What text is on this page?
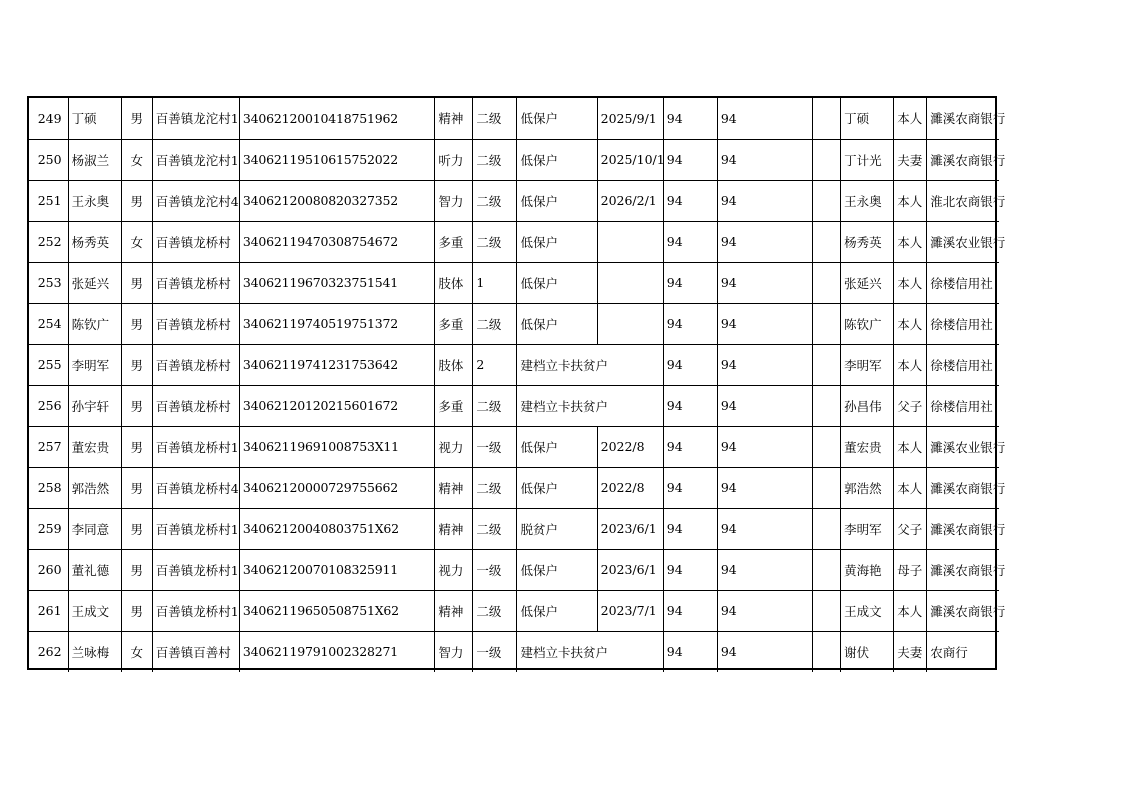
249	丁硕	男	百善镇龙沱村1	34062120010418751962	精神	二级	低保户	2025/9/1	94	94		丁硕	本人	濉溪农商银行
250	杨淑兰	女	百善镇龙沱村1	34062119510615752022	听力	二级	低保户	2025/10/1	94	94		丁计光	夫妻	濉溪农商银行
251	王永奥	男	百善镇龙沱村4	34062120080820327352	智力	二级	低保户	2026/2/1	94	94		王永奥	本人	淮北农商银行
252	杨秀英	女	百善镇龙桥村	34062119470308754672	多重	二级	低保户		94	94		杨秀英	本人	濉溪农业银行
253	张延兴	男	百善镇龙桥村	34062119670323751541	肢体	1	低保户		94	94		张延兴	本人	徐楼信用社
254	陈钦广	男	百善镇龙桥村	34062119740519751372	多重	二级	低保户		94	94		陈钦广	本人	徐楼信用社
255	李明军	男	百善镇龙桥村	34062119741231753642	肢体	2	建档立卡扶贫户		94	94		李明军	本人	徐楼信用社
256	孙宇轩	男	百善镇龙桥村	34062120120215601672	多重	二级	建档立卡扶贫户		94	94		孙昌伟	父子	徐楼信用社
257	董宏贵	男	百善镇龙桥村1	34062119691008753X11	视力	一级	低保户	2022/8	94	94		董宏贵	本人	濉溪农业银行
258	郭浩然	男	百善镇龙桥村4	34062120000729755662	精神	二级	低保户	2022/8	94	94		郭浩然	本人	濉溪农商银行
259	李同意	男	百善镇龙桥村1	34062120040803751X62	精神	二级	脱贫户	2023/6/1	94	94		李明军	父子	濉溪农商银行
260	董礼德	男	百善镇龙桥村1	34062120070108325911	视力	一级	低保户	2023/6/1	94	94		黄海艳	母子	濉溪农商银行
261	王成文	男	百善镇龙桥村1	34062119650508751X62	精神	二级	低保户	2023/7/1	94	94		王成文	本人	濉溪农商银行
262	兰咏梅	女	百善镇百善村	34062119791002328271	智力	一级	建档立卡扶贫户		94	94		谢伏	夫妻	农商行
